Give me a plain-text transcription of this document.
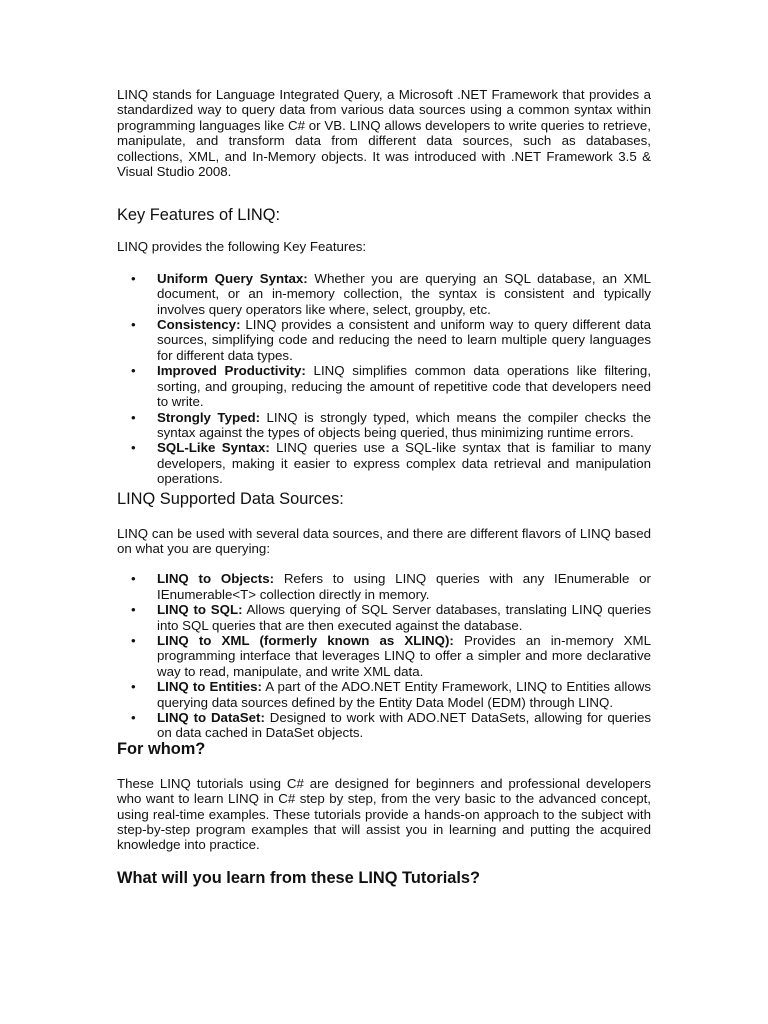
LINQ stands for Language Integrated Query, a Microsoft .NET Framework that provides a standardized way to query data from various data sources using a common syntax within programming languages like C# or VB. LINQ allows developers to write queries to retrieve, manipulate, and transform data from different data sources, such as databases, collections, XML, and In-Memory objects. It was introduced with .NET Framework 3.5 & Visual Studio 2008.

Key Features of LINQ:

LINQ provides the following Key Features:

• Uniform Query Syntax: Whether you are querying an SQL database, an XML document, or an in-memory collection, the syntax is consistent and typically involves query operators like where, select, groupby, etc.
• Consistency: LINQ provides a consistent and uniform way to query different data sources, simplifying code and reducing the need to learn multiple query languages for different data types.
• Improved Productivity: LINQ simplifies common data operations like filtering, sorting, and grouping, reducing the amount of repetitive code that developers need to write.
• Strongly Typed: LINQ is strongly typed, which means the compiler checks the syntax against the types of objects being queried, thus minimizing runtime errors.
• SQL-Like Syntax: LINQ queries use a SQL-like syntax that is familiar to many developers, making it easier to express complex data retrieval and manipulation operations.
LINQ Supported Data Sources:

LINQ can be used with several data sources, and there are different flavors of LINQ based on what you are querying:

• LINQ to Objects: Refers to using LINQ queries with any IEnumerable or IEnumerable<T> collection directly in memory.
• LINQ to SQL: Allows querying of SQL Server databases, translating LINQ queries into SQL queries that are then executed against the database.
• LINQ to XML (formerly known as XLINQ): Provides an in-memory XML programming interface that leverages LINQ to offer a simpler and more declarative way to read, manipulate, and write XML data.
• LINQ to Entities: A part of the ADO.NET Entity Framework, LINQ to Entities allows querying data sources defined by the Entity Data Model (EDM) through LINQ.
• LINQ to DataSet: Designed to work with ADO.NET DataSets, allowing for queries on data cached in DataSet objects.
For whom?

These LINQ tutorials using C# are designed for beginners and professional developers who want to learn LINQ in C# step by step, from the very basic to the advanced concept, using real-time examples. These tutorials provide a hands-on approach to the subject with step-by-step program examples that will assist you in learning and putting the acquired knowledge into practice.

What will you learn from these LINQ Tutorials?
